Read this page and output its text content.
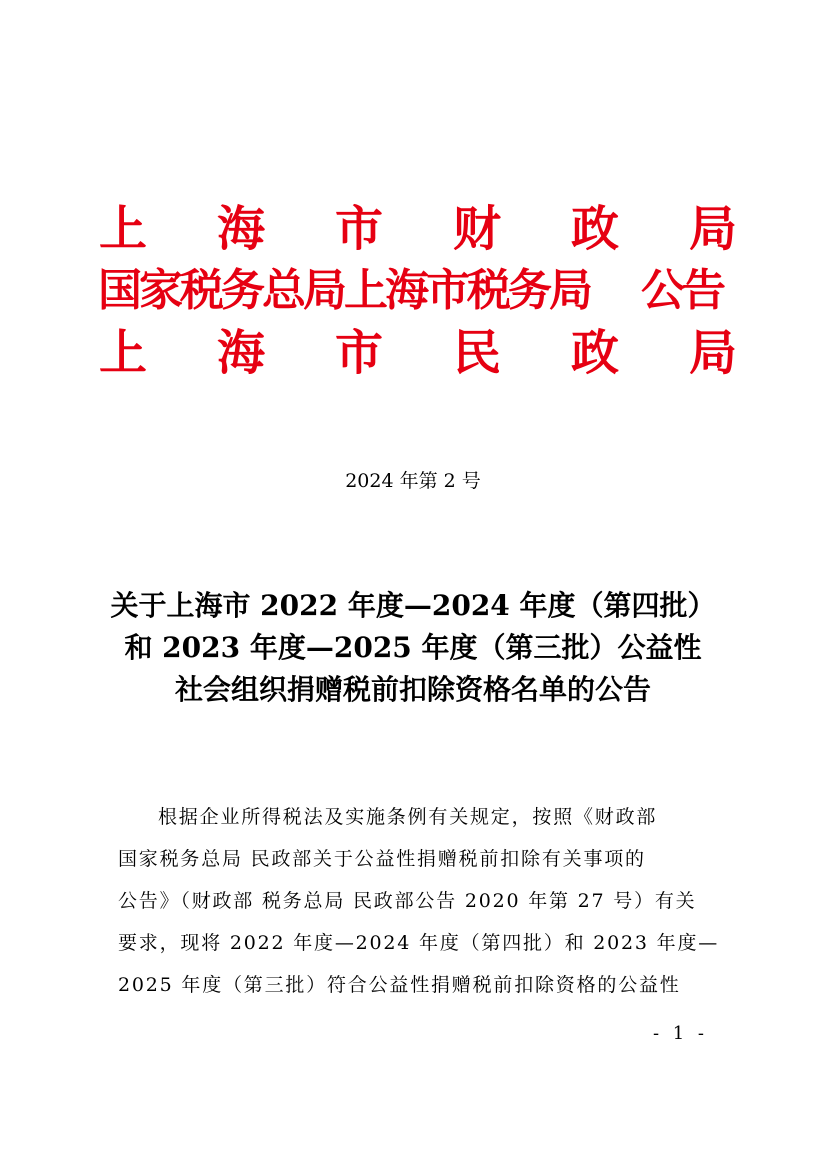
上 海 市 财 政 局
国家税务总局上海市税务局	公告
上 海 市 民 政 局
2024 年第 2 号
关于上海市 2022 年度—2024 年度（第四批）
和 2023 年度—2025 年度（第三批）公益性
社会组织捐赠税前扣除资格名单的公告
根据企业所得税法及实施条例有关规定，按照《财政部
国家税务总局 民政部关于公益性捐赠税前扣除有关事项的
公告》（财政部 税务总局 民政部公告 2020 年第 27 号）有关
要求，现将 2022 年度—2024 年度（第四批）和 2023 年度—
2025 年度（第三批）符合公益性捐赠税前扣除资格的公益性
- 1 -
